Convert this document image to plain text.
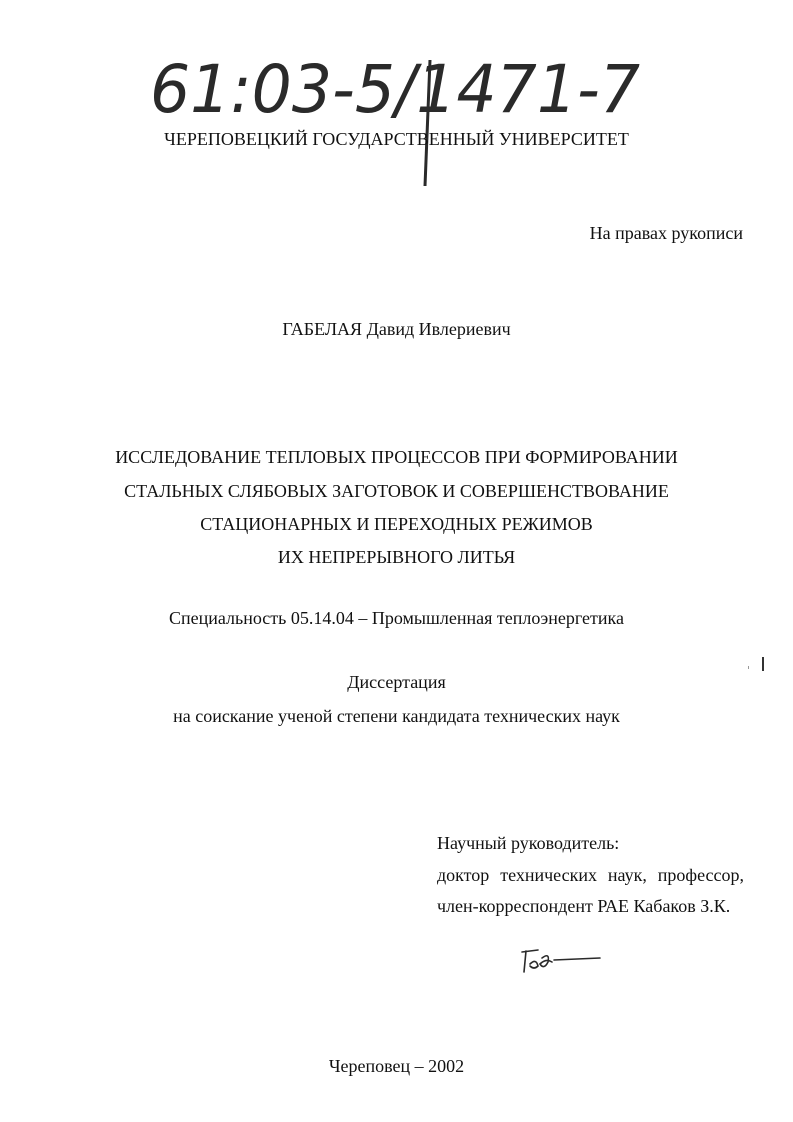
61:03-5/1471-7
ЧЕРЕПОВЕЦКИЙ ГОСУДАРСТВЕННЫЙ УНИВЕРСИТЕТ
На правах рукописи
ГАБЕЛАЯ Давид Ивлериевич
ИССЛЕДОВАНИЕ ТЕПЛОВЫХ ПРОЦЕССОВ ПРИ ФОРМИРОВАНИИ
СТАЛЬНЫХ СЛЯБОВЫХ ЗАГОТОВОК И СОВЕРШЕНСТВОВАНИЕ
СТАЦИОНАРНЫХ И ПЕРЕХОДНЫХ РЕЖИМОВ
ИХ НЕПРЕРЫВНОГО ЛИТЬЯ
Специальность 05.14.04 – Промышленная теплоэнергетика
Диссертация
на соискание ученой степени кандидата технических наук
Научный руководитель:
доктор технических наук, профессор,
член-корреспондент РАЕ Кабаков З.К.
Череповец – 2002
